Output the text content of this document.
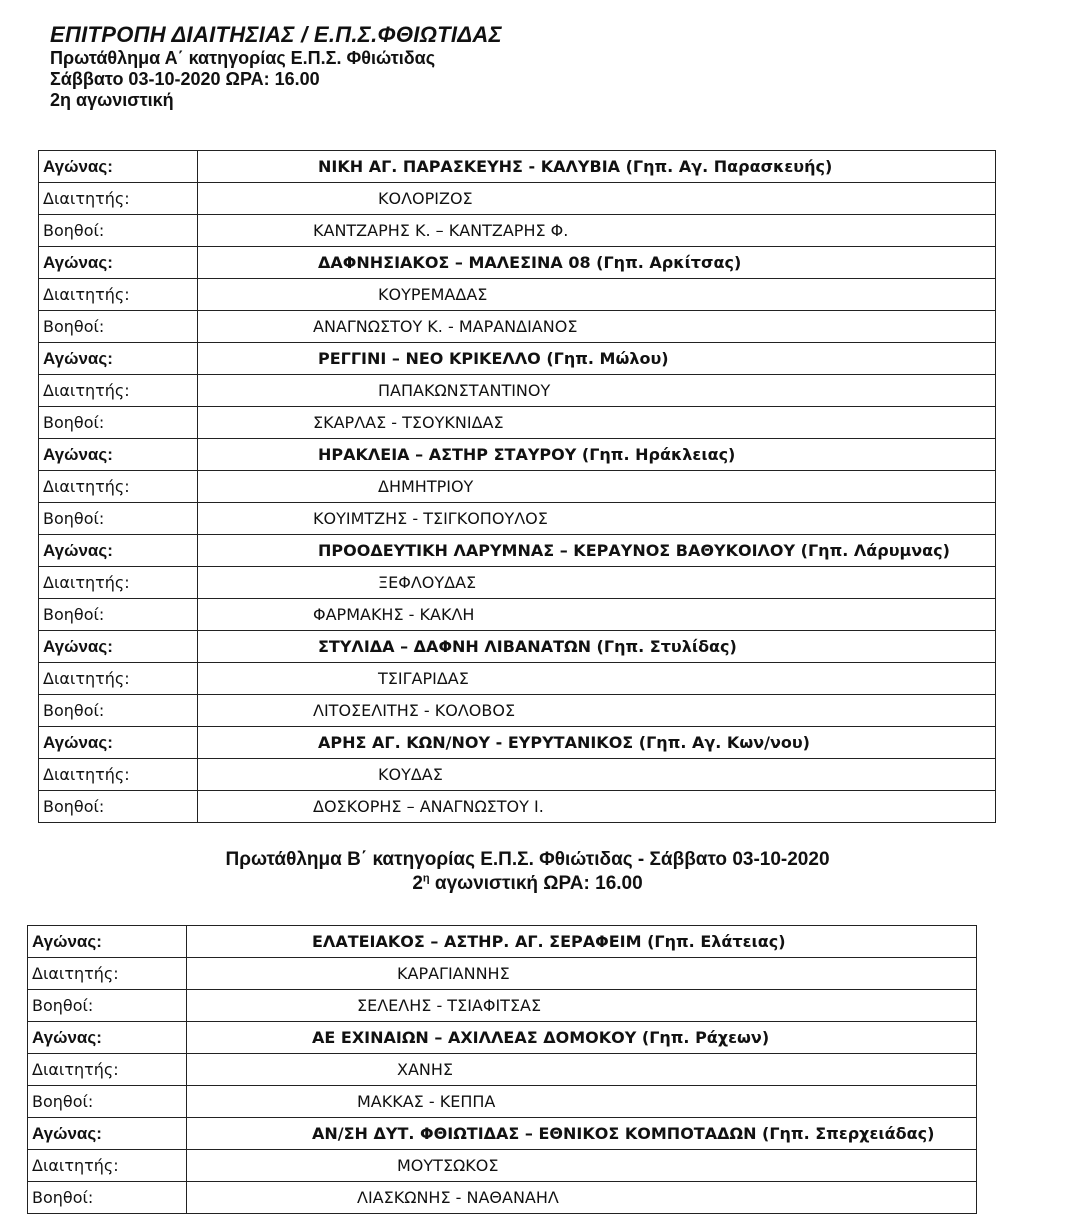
ΕΠΙΤΡΟΠΗ ΔΙΑΙΤΗΣΙΑΣ / Ε.Π.Σ.ΦΘΙΩΤΙΔΑΣ
Πρωτάθλημα Α΄ κατηγορίας Ε.Π.Σ. Φθιώτιδας
Σάββατο 03-10-2020 ΩΡΑ: 16.00
2η αγωνιστική
Αγώνας:	ΝΙΚΗ ΑΓ. ΠΑΡΑΣΚΕΥΗΣ - ΚΑΛΥΒΙΑ (Γηπ. Αγ. Παρασκευής)
Διαιτητής:	ΚΟΛΟΡΙΖΟΣ
Βοηθοί:	ΚΑΝΤΖΑΡΗΣ Κ. – ΚΑΝΤΖΑΡΗΣ Φ.
Αγώνας:	ΔΑΦΝΗΣΙΑΚΟΣ – ΜΑΛΕΣΙΝΑ 08 (Γηπ. Αρκίτσας)
Διαιτητής:	ΚΟΥΡΕΜΑΔΑΣ
Βοηθοί:	ΑΝΑΓΝΩΣΤΟΥ Κ. - ΜΑΡΑΝΔΙΑΝΟΣ
Αγώνας:	ΡΕΓΓΙΝΙ – ΝΕΟ ΚΡΙΚΕΛΛΟ (Γηπ. Μώλου)
Διαιτητής:	ΠΑΠΑΚΩΝΣΤΑΝΤΙΝΟΥ
Βοηθοί:	ΣΚΑΡΛΑΣ - ΤΣΟΥΚΝΙΔΑΣ
Αγώνας:	ΗΡΑΚΛΕΙΑ – ΑΣΤΗΡ ΣΤΑΥΡΟΥ (Γηπ. Ηράκλειας)
Διαιτητής:	ΔΗΜΗΤΡΙΟΥ
Βοηθοί:	ΚΟΥΙΜΤΖΗΣ - ΤΣΙΓΚΟΠΟΥΛΟΣ
Αγώνας:	ΠΡΟΟΔΕΥΤΙΚΗ ΛΑΡΥΜΝΑΣ – ΚΕΡΑΥΝΟΣ ΒΑΘΥΚΟΙΛΟΥ (Γηπ. Λάρυμνας)
Διαιτητής:	ΞΕΦΛΟΥΔΑΣ
Βοηθοί:	ΦΑΡΜΑΚΗΣ - ΚΑΚΛΗ
Αγώνας:	ΣΤΥΛΙΔΑ – ΔΑΦΝΗ ΛΙΒΑΝΑΤΩΝ (Γηπ. Στυλίδας)
Διαιτητής:	ΤΣΙΓΑΡΙΔΑΣ
Βοηθοί:	ΛΙΤΟΣΕΛΙΤΗΣ - ΚΟΛΟΒΟΣ
Αγώνας:	ΑΡΗΣ ΑΓ. ΚΩΝ/ΝΟΥ - ΕΥΡΥΤΑΝΙΚΟΣ (Γηπ. Αγ. Κων/νου)
Διαιτητής:	ΚΟΥΔΑΣ
Βοηθοί:	ΔΟΣΚΟΡΗΣ – ΑΝΑΓΝΩΣΤΟΥ Ι.
Πρωτάθλημα Β΄ κατηγορίας Ε.Π.Σ. Φθιώτιδας - Σάββατο 03-10-2020
$2^\eta$ αγωνιστική ΩΡΑ: 16.00
Αγώνας:	ΕΛΑΤΕΙΑΚΟΣ – ΑΣΤΗΡ. ΑΓ. ΣΕΡΑΦΕΙΜ (Γηπ. Ελάτειας)
Διαιτητής:	ΚΑΡΑΓΙΑΝΝΗΣ
Βοηθοί:	ΣΕΛΕΛΗΣ - ΤΣΙΑΦΙΤΣΑΣ
Αγώνας:	ΑΕ ΕΧΙΝΑΙΩΝ – ΑΧΙΛΛΕΑΣ ΔΟΜΟΚΟΥ (Γηπ. Ράχεων)
Διαιτητής:	ΧΑΝΗΣ
Βοηθοί:	ΜΑΚΚΑΣ - ΚΕΠΠΑ
Αγώνας:	ΑΝ/ΣΗ ΔΥΤ. ΦΘΙΩΤΙΔΑΣ – ΕΘΝΙΚΟΣ ΚΟΜΠΟΤΑΔΩΝ (Γηπ. Σπερχειάδας)
Διαιτητής:	ΜΟΥΤΣΩΚΟΣ
Βοηθοί:	ΛΙΑΣΚΩΝΗΣ - ΝΑΘΑΝΑΗΛ
